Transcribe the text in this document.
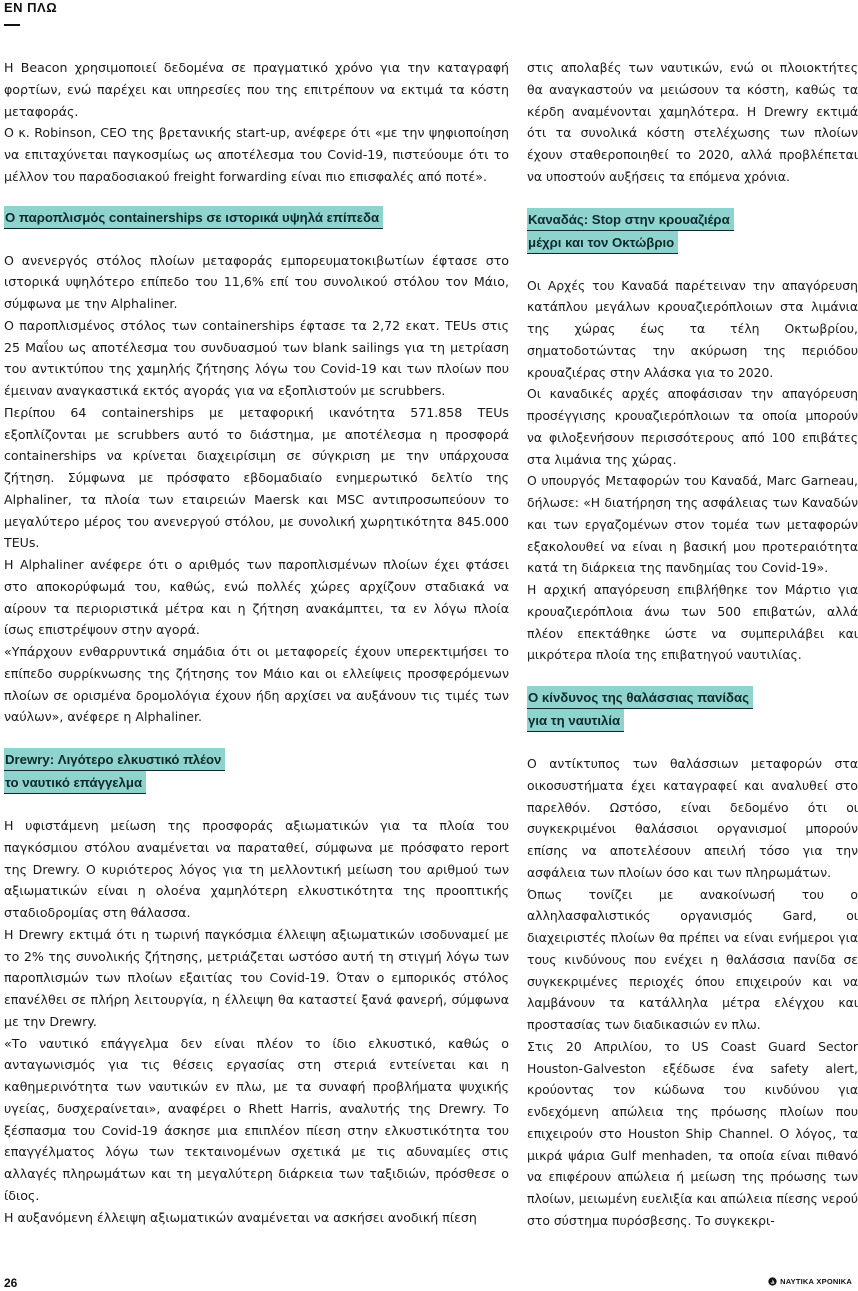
ΕΝ ΠΛΩ

Η Beacon χρησιμοποιεί δεδομένα σε πραγματικό χρόνο για την καταγραφή φορτίων, ενώ παρέχει και υπηρεσίες που της επιτρέπουν να εκτιμά τα κόστη μεταφοράς.

Ο κ. Robinson, CEO της βρετανικής start-up, ανέφερε ότι «με την ψηφιοποίηση να επιταχύνεται παγκοσμίως ως αποτέλεσμα του Covid-19, πιστεύουμε ότι το μέλλον του παραδοσιακού freight forwarding είναι πιο επισφαλές από ποτέ».

Ο παροπλισμός containerships σε ιστορικά υψηλά επίπεδα

Ο ανενεργός στόλος πλοίων μεταφοράς εμπορευματοκιβωτίων έφτασε στο ιστορικά υψηλότερο επίπεδο του 11,6% επί του συνολικού στόλου τον Μάιο, σύμφωνα με την Alphaliner.

Ο παροπλισμένος στόλος των containerships έφτασε τα 2,72 εκατ. TEUs στις 25 Μαΐου ως αποτέλεσμα του συνδυασμού των blank sailings για τη μετρίαση του αντικτύπου της χαμηλής ζήτησης λόγω του Covid-19 και των πλοίων που έμειναν αναγκαστικά εκτός αγοράς για να εξοπλιστούν με scrubbers.

Περίπου 64 containerships με μεταφορική ικανότητα 571.858 TEUs εξοπλίζονται με scrubbers αυτό το διάστημα, με αποτέλεσμα η προσφορά containerships να κρίνεται διαχειρίσιμη σε σύγκριση με την υπάρχουσα ζήτηση. Σύμφωνα με πρόσφατο εβδομαδιαίο ενημερωτικό δελτίο της Alphaliner, τα πλοία των εταιρειών Maersk και MSC αντιπροσωπεύουν το μεγαλύτερο μέρος του ανενεργού στόλου, με συνολική χωρητικότητα 845.000 TEUs.

Η Alphaliner ανέφερε ότι ο αριθμός των παροπλισμένων πλοίων έχει φτάσει στο αποκορύφωμά του, καθώς, ενώ πολλές χώρες αρχίζουν σταδιακά να αίρουν τα περιοριστικά μέτρα και η ζήτηση ανακάμπτει, τα εν λόγω πλοία ίσως επιστρέψουν στην αγορά.

«Υπάρχουν ενθαρρυντικά σημάδια ότι οι μεταφορείς έχουν υπερεκτιμήσει το επίπεδο συρρίκνωσης της ζήτησης τον Μάιο και οι ελλείψεις προσφερόμενων πλοίων σε ορισμένα δρομολόγια έχουν ήδη αρχίσει να αυξάνουν τις τιμές των ναύλων», ανέφερε η Alphaliner.

Drewry: Λιγότερο ελκυστικό πλέον
το ναυτικό επάγγελμα

Η υφιστάμενη μείωση της προσφοράς αξιωματικών για τα πλοία του παγκόσμιου στόλου αναμένεται να παραταθεί, σύμφωνα με πρόσφατο report της Drewry. Ο κυριότερος λόγος για τη μελλοντική μείωση του αριθμού των αξιωματικών είναι η ολοένα χαμηλότερη ελκυστικότητα της προοπτικής σταδιοδρομίας στη θάλασσα.

Η Drewry εκτιμά ότι η τωρινή παγκόσμια έλλειψη αξιωματικών ισοδυναμεί με το 2% της συνολικής ζήτησης, μετριάζεται ωστόσο αυτή τη στιγμή λόγω των παροπλισμών των πλοίων εξαιτίας του Covid-19. Όταν ο εμπορικός στόλος επανέλθει σε πλήρη λειτουργία, η έλλειψη θα καταστεί ξανά φανερή, σύμφωνα με την Drewry.

«Το ναυτικό επάγγελμα δεν είναι πλέον το ίδιο ελκυστικό, καθώς ο ανταγωνισμός για τις θέσεις εργασίας στη στεριά εντείνεται και η καθημερινότητα των ναυτικών εν πλω, με τα συναφή προβλήματα ψυχικής υγείας, δυσχεραίνεται», αναφέρει ο Rhett Harris, αναλυτής της Drewry. Το ξέσπασμα του Covid-19 άσκησε μια επιπλέον πίεση στην ελκυστικότητα του επαγγέλματος λόγω των τεκταινομένων σχετικά με τις αδυναμίες στις αλλαγές πληρωμάτων και τη μεγαλύτερη διάρκεια των ταξιδιών, πρόσθεσε ο ίδιος.

Η αυξανόμενη έλλειψη αξιωματικών αναμένεται να ασκήσει ανοδική πίεση

στις απολαβές των ναυτικών, ενώ οι πλοιοκτήτες θα αναγκαστούν να μειώσουν τα κόστη, καθώς τα κέρδη αναμένονται χαμηλότερα. Η Drewry εκτιμά ότι τα συνολικά κόστη στελέχωσης των πλοίων έχουν σταθεροποιηθεί το 2020, αλλά προβλέπεται να υποστούν αυξήσεις τα επόμενα χρόνια.

Καναδάς: Stop στην κρουαζιέρα
μέχρι και τον Οκτώβριο

Οι Αρχές του Καναδά παρέτειναν την απαγόρευση κατάπλου μεγάλων κρουαζιερόπλοιων στα λιμάνια της χώρας έως τα τέλη Οκτωβρίου, σηματοδοτώντας την ακύρωση της περιόδου κρουαζιέρας στην Αλάσκα για το 2020.

Οι καναδικές αρχές αποφάσισαν την απαγόρευση προσέγγισης κρουαζιερόπλοιων τα οποία μπορούν να φιλοξενήσουν περισσότερους από 100 επιβάτες στα λιμάνια της χώρας.

Ο υπουργός Μεταφορών του Καναδά, Marc Garneau, δήλωσε: «Η διατήρηση της ασφάλειας των Καναδών και των εργαζομένων στον τομέα των μεταφορών εξακολουθεί να είναι η βασική μου προτεραιότητα κατά τη διάρκεια της πανδημίας του Covid-19».

Η αρχική απαγόρευση επιβλήθηκε τον Μάρτιο για κρουαζιερόπλοια άνω των 500 επιβατών, αλλά πλέον επεκτάθηκε ώστε να συμπεριλάβει και μικρότερα πλοία της επιβατηγού ναυτιλίας.

Ο κίνδυνος της θαλάσσιας πανίδας
για τη ναυτιλία

Ο αντίκτυπος των θαλάσσιων μεταφορών στα οικοσυστήματα έχει καταγραφεί και αναλυθεί στο παρελθόν. Ωστόσο, είναι δεδομένο ότι οι συγκεκριμένοι θαλάσσιοι οργανισμοί μπορούν επίσης να αποτελέσουν απειλή τόσο για την ασφάλεια των πλοίων όσο και των πληρωμάτων.

Όπως τονίζει με ανακοίνωσή του ο αλληλασφαλιστικός οργανισμός Gard, οι διαχειριστές πλοίων θα πρέπει να είναι ενήμεροι για τους κινδύνους που ενέχει η θαλάσσια πανίδα σε συγκεκριμένες περιοχές όπου επιχειρούν και να λαμβάνουν τα κατάλληλα μέτρα ελέγχου και προστασίας των διαδικασιών εν πλω.

Στις 20 Απριλίου, το US Coast Guard Sector Houston-Galveston εξέδωσε ένα safety alert, κρούοντας τον κώδωνα του κινδύνου για ενδεχόμενη απώλεια της πρόωσης πλοίων που επιχειρούν στο Houston Ship Channel. Ο λόγος, τα μικρά ψάρια Gulf menhaden, τα οποία είναι πιθανό να επιφέρουν απώλεια ή μείωση της πρόωσης των πλοίων, μειωμένη ευελιξία και απώλεια πίεσης νερού στο σύστημα πυρόσβεσης. Το συγκεκρι-

26	ΝΑΥΤΙΚΑ ΧΡΟΝΙΚΑ
